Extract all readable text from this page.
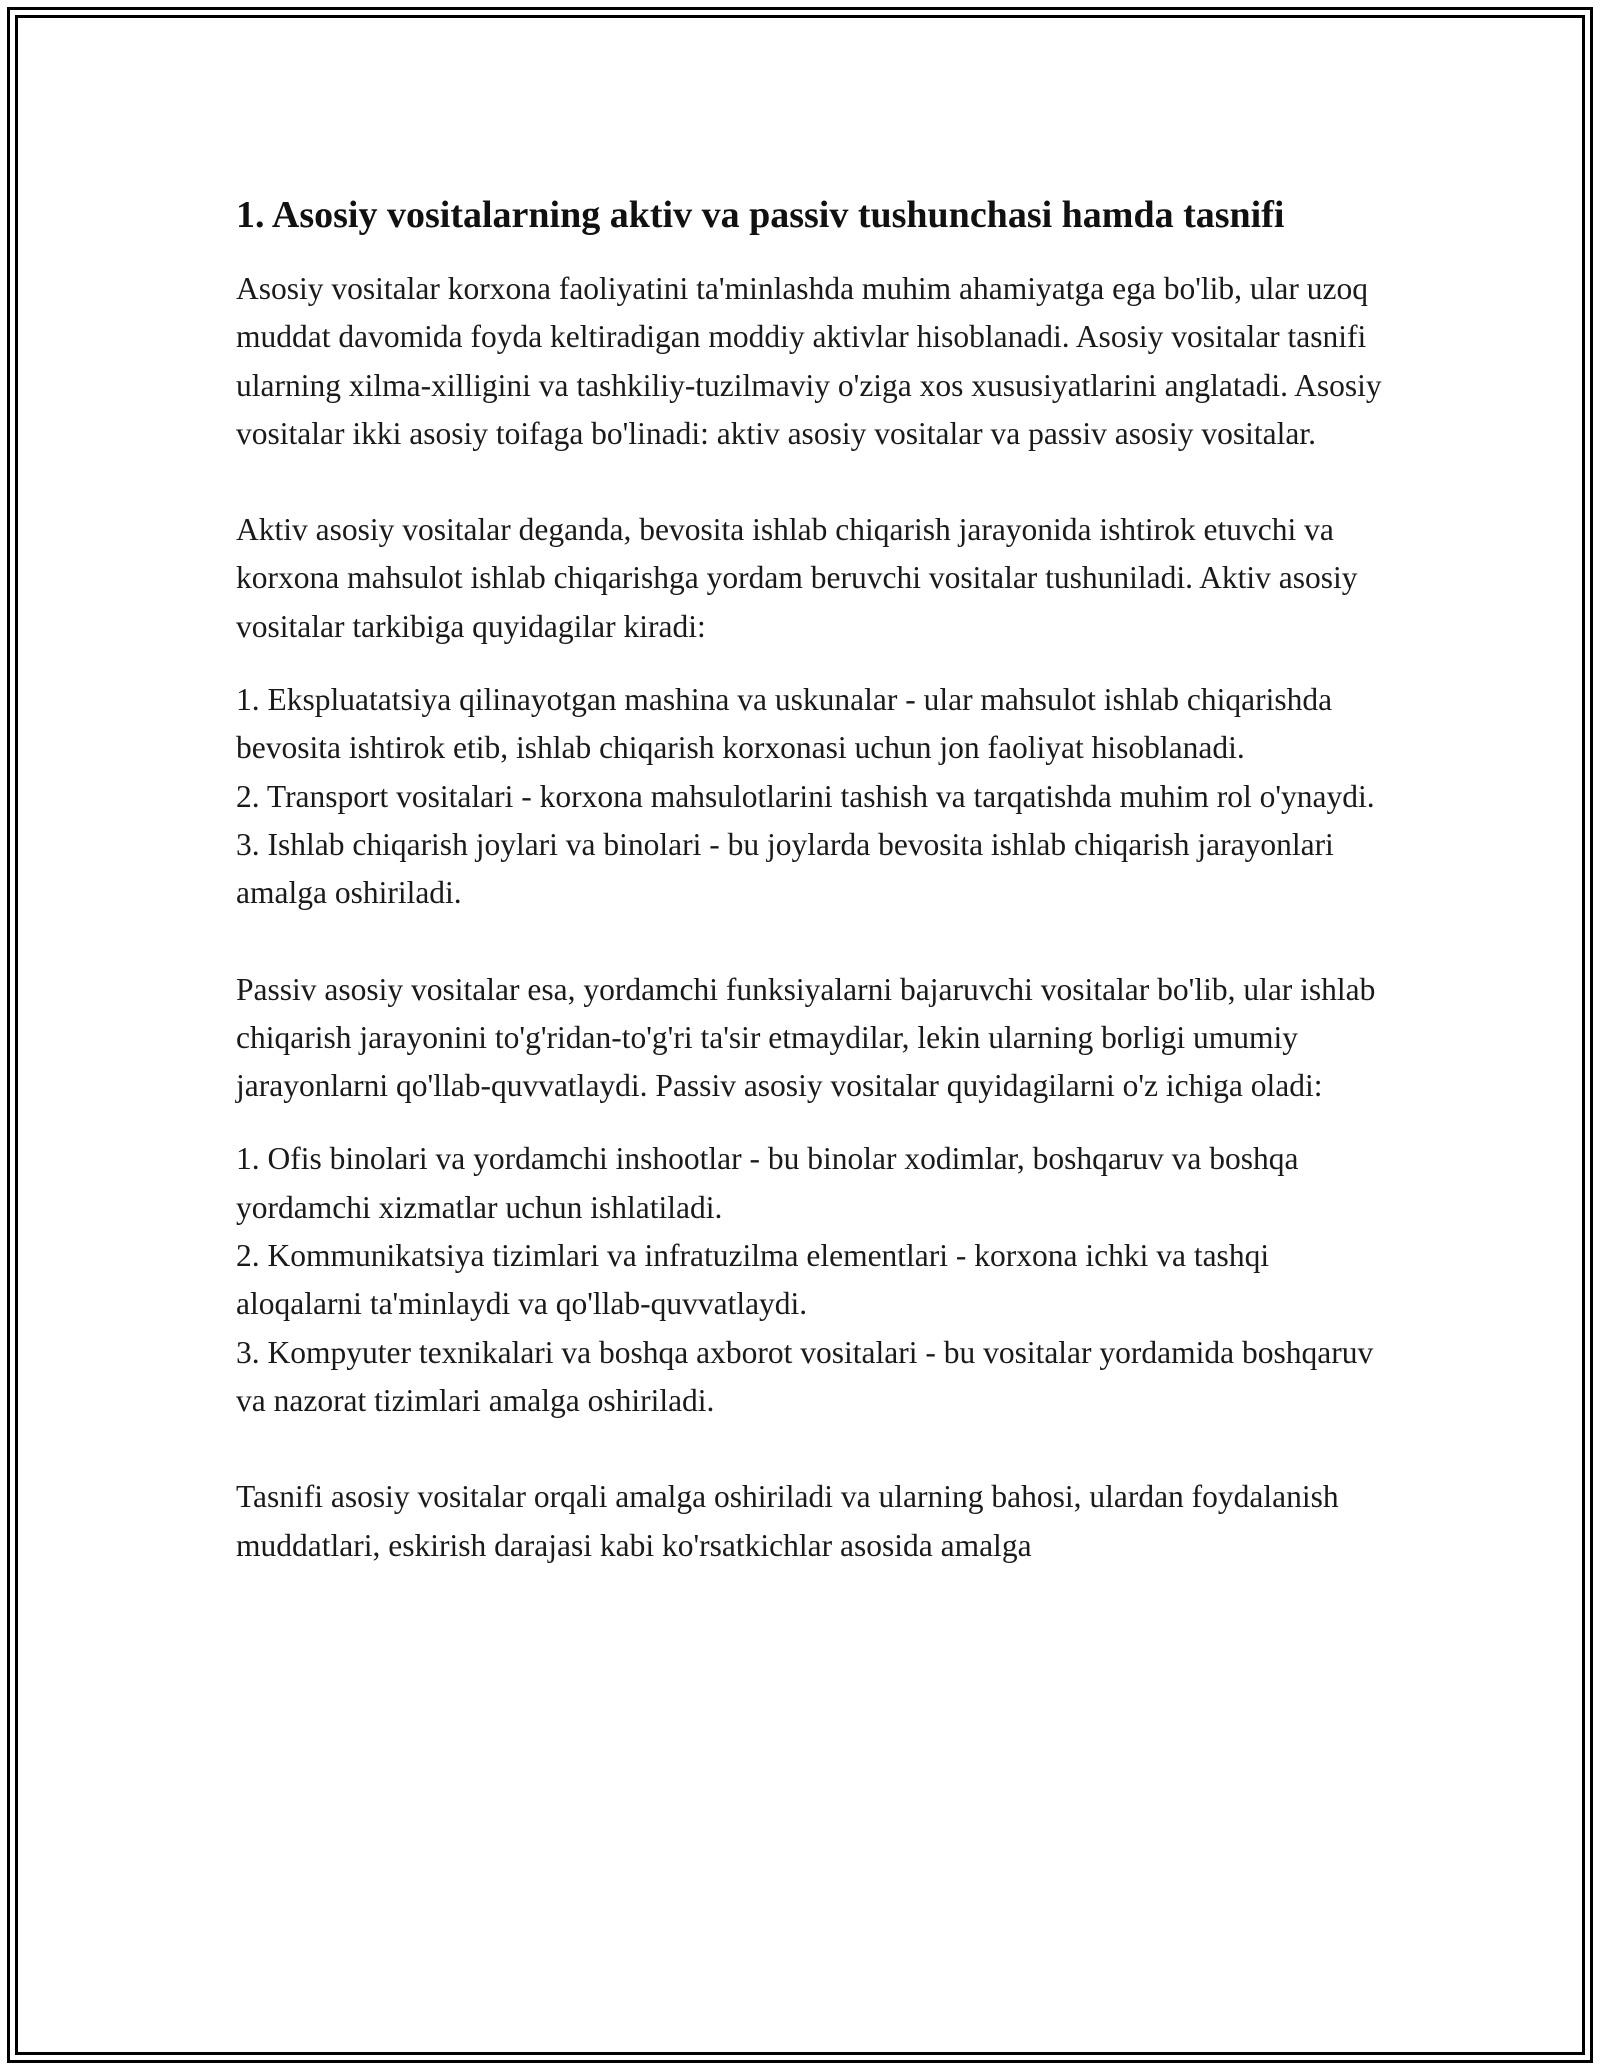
1. Asosiy vositalarning aktiv va passiv tushunchasi hamda tasnifi

Asosiy vositalar korxona faoliyatini ta'minlashda muhim ahamiyatga ega bo'lib, ular uzoq muddat davomida foyda keltiradigan moddiy aktivlar hisoblanadi. Asosiy vositalar tasnifi ularning xilma-xilligini va tashkiliy-tuzilmaviy o'ziga xos xususiyatlarini anglatadi. Asosiy vositalar ikki asosiy toifaga bo'linadi: aktiv asosiy vositalar va passiv asosiy vositalar.

Aktiv asosiy vositalar deganda, bevosita ishlab chiqarish jarayonida ishtirok etuvchi va korxona mahsulot ishlab chiqarishga yordam beruvchi vositalar tushuniladi. Aktiv asosiy vositalar tarkibiga quyidagilar kiradi:

1. Ekspluatatsiya qilinayotgan mashina va uskunalar - ular mahsulot ishlab chiqarishda bevosita ishtirok etib, ishlab chiqarish korxonasi uchun jon faoliyat hisoblanadi.
2. Transport vositalari - korxona mahsulotlarini tashish va tarqatishda muhim rol o'ynaydi.
3. Ishlab chiqarish joylari va binolari - bu joylarda bevosita ishlab chiqarish jarayonlari amalga oshiriladi.

Passiv asosiy vositalar esa, yordamchi funksiyalarni bajaruvchi vositalar bo'lib, ular ishlab chiqarish jarayonini to'g'ridan-to'g'ri ta'sir etmaydilar, lekin ularning borligi umumiy jarayonlarni qo'llab-quvvatlaydi. Passiv asosiy vositalar quyidagilarni o'z ichiga oladi:

1. Ofis binolari va yordamchi inshootlar - bu binolar xodimlar, boshqaruv va boshqa yordamchi xizmatlar uchun ishlatiladi.
2. Kommunikatsiya tizimlari va infratuzilma elementlari - korxona ichki va tashqi aloqalarni ta'minlaydi va qo'llab-quvvatlaydi.
3. Kompyuter texnikalari va boshqa axborot vositalari - bu vositalar yordamida boshqaruv va nazorat tizimlari amalga oshiriladi.

Tasnifi asosiy vositalar orqali amalga oshiriladi va ularning bahosi, ulardan foydalanish muddatlari, eskirish darajasi kabi ko'rsatkichlar asosida amalga
